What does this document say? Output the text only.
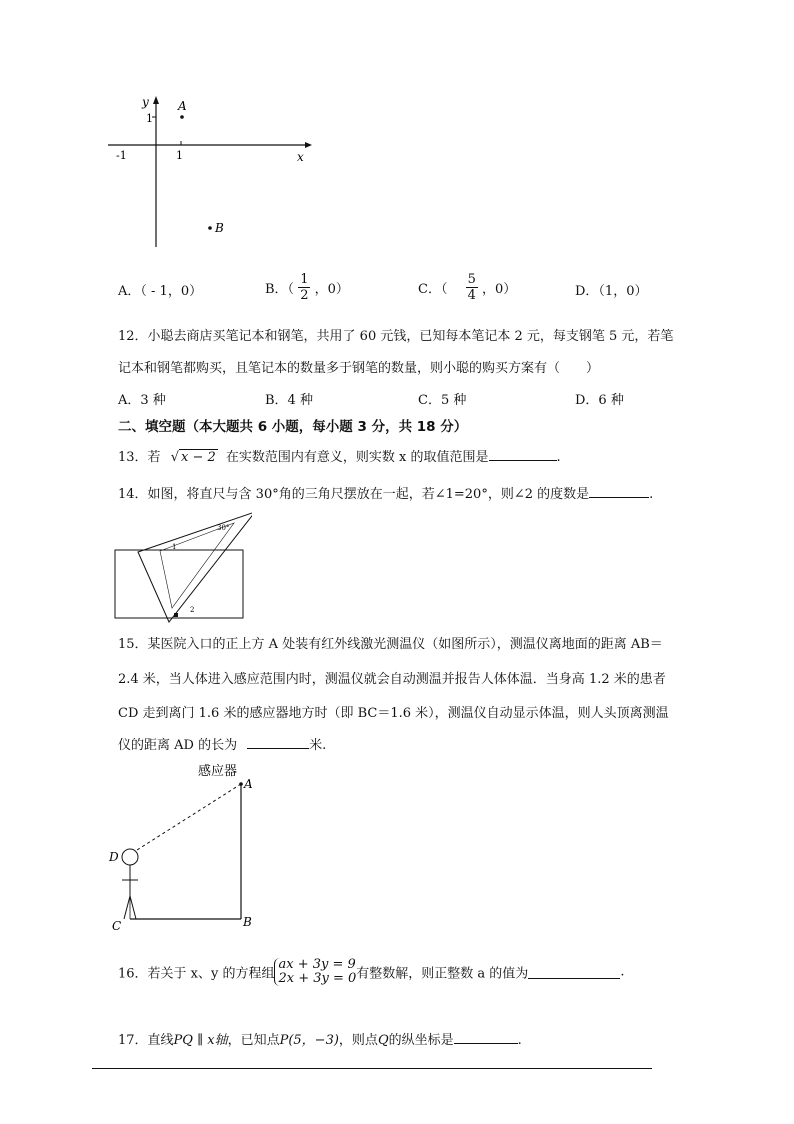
y
x
1
-1	1
A
B
A．（ - 1，0）	B．（ $\frac{1}{2}$ ，0）	C．（ $\frac{5}{4}$ ，0）	D．（1，0）
12．小聪去商店买笔记本和钢笔，共用了 60 元钱，已知每本笔记本 2 元，每支钢笔 5 元，若笔
记本和钢笔都购买，且笔记本的数量多于钢笔的数量，则小聪的购买方案有（　　）
A．3 种	B．4 种	C．5 种	D．6 种
二、填空题（本大题共 6 小题，每小题 3 分，共 18 分）
13．若 √ x − 2 在实数范围内有意义，则实数 x 的取值范围是	.
14．如图，将直尺与含 30°角的三角尺摆放在一起，若∠1=20°，则∠2 的度数是	.
30°
1
2
15．某医院入口的正上方 A 处装有红外线激光测温仪（如图所示），测温仪离地面的距离 AB＝
2.4 米，当人体进入感应范围内时，测温仪就会自动测温并报告人体体温．当身高 1.2 米的患者
CD 走到离门 1.6 米的感应器地方时（即 BC＝1.6 米），测温仪自动显示体温，则人头顶离测温
仪的距离 AD 的长为	米.
感应器
A
B
C
D
16．若关于 x、y 的方程组
ax + 3y = 9
2x + 3y = 0 有整数解，则正整数 a 的值为	.
17．直线PQ ∥ x轴，已知点P(5，−3)，则点Q的纵坐标是	.
